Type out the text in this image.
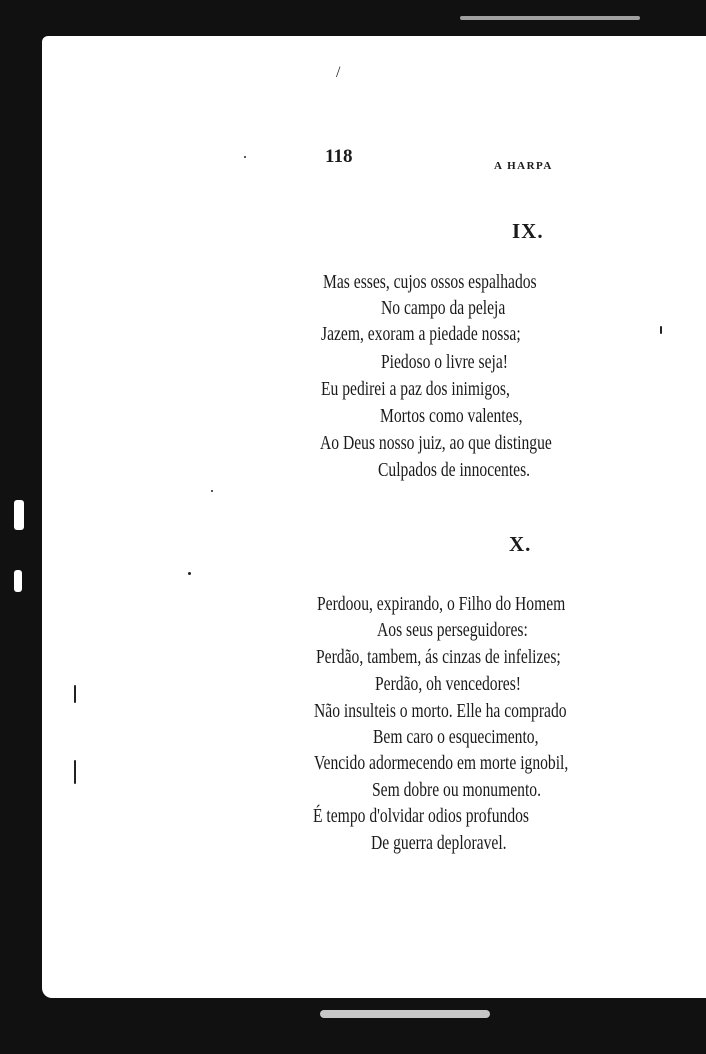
/
118	A HARPA
IX.

Mas esses, cujos ossos espalhados

No campo da peleja

Jazem, exoram a piedade nossa;

Piedoso o livre seja!

Eu pedirei a paz dos inimigos,

Mortos como valentes,

Ao Deus nosso juiz, ao que distingue

Culpados de innocentes.

X.

Perdoou, expirando, o Filho do Homem

Aos seus perseguidores:

Perdão, tambem, ás cinzas de infelizes;

Perdão, oh vencedores!

Não insulteis o morto. Elle ha comprado

Bem caro o esquecimento,

Vencido adormecendo em morte ignobil,

Sem dobre ou monumento.

É tempo d'olvidar odios profundos

De guerra deploravel.
